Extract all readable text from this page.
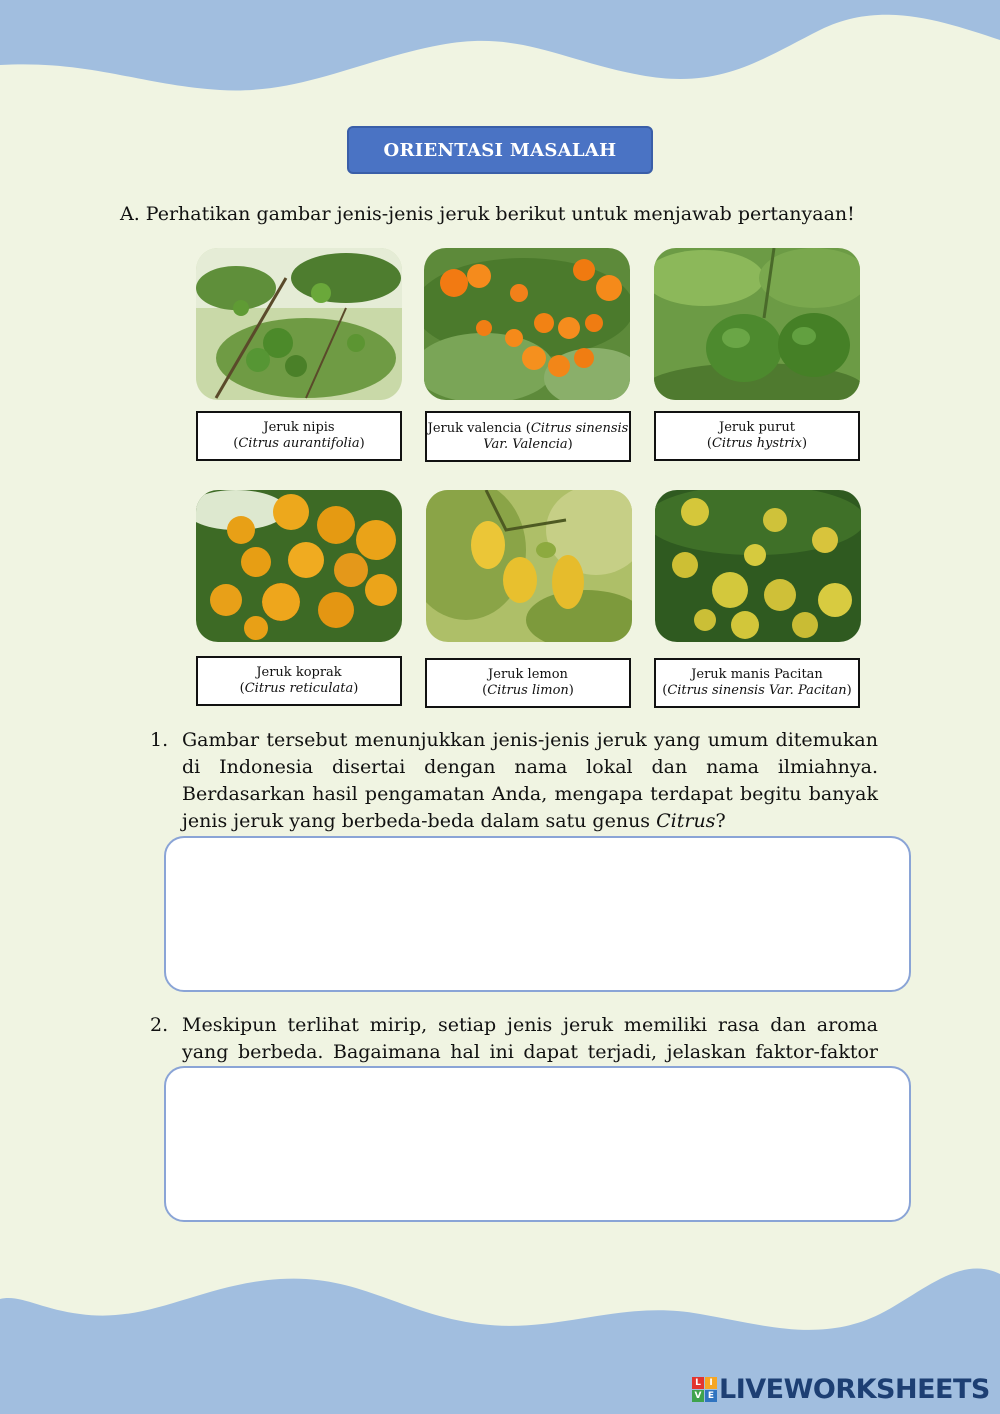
ORIENTASI MASALAH
A. Perhatikan gambar jenis-jenis jeruk berikut untuk menjawab pertanyaan!
Jeruk nipis
(Citrus aurantifolia)
Jeruk valencia (Citrus sinensis
Var. Valencia)
Jeruk purut
(Citrus hystrix)
Jeruk koprak
(Citrus reticulata)
Jeruk lemon
(Citrus limon)
Jeruk manis Pacitan
(Citrus sinensis Var. Pacitan)
1. Gambar tersebut menunjukkan jenis-jenis jeruk yang umum ditemukan di Indonesia disertai dengan nama lokal dan nama ilmiahnya. Berdasarkan hasil pengamatan Anda, mengapa terdapat begitu banyak jenis jeruk yang berbeda-beda dalam satu genus Citrus?
2. Meskipun terlihat mirip, setiap jenis jeruk memiliki rasa dan aroma yang berbeda. Bagaimana hal ini dapat terjadi, jelaskan faktor-faktor
L I
V E LIVEWORKSHEETS
